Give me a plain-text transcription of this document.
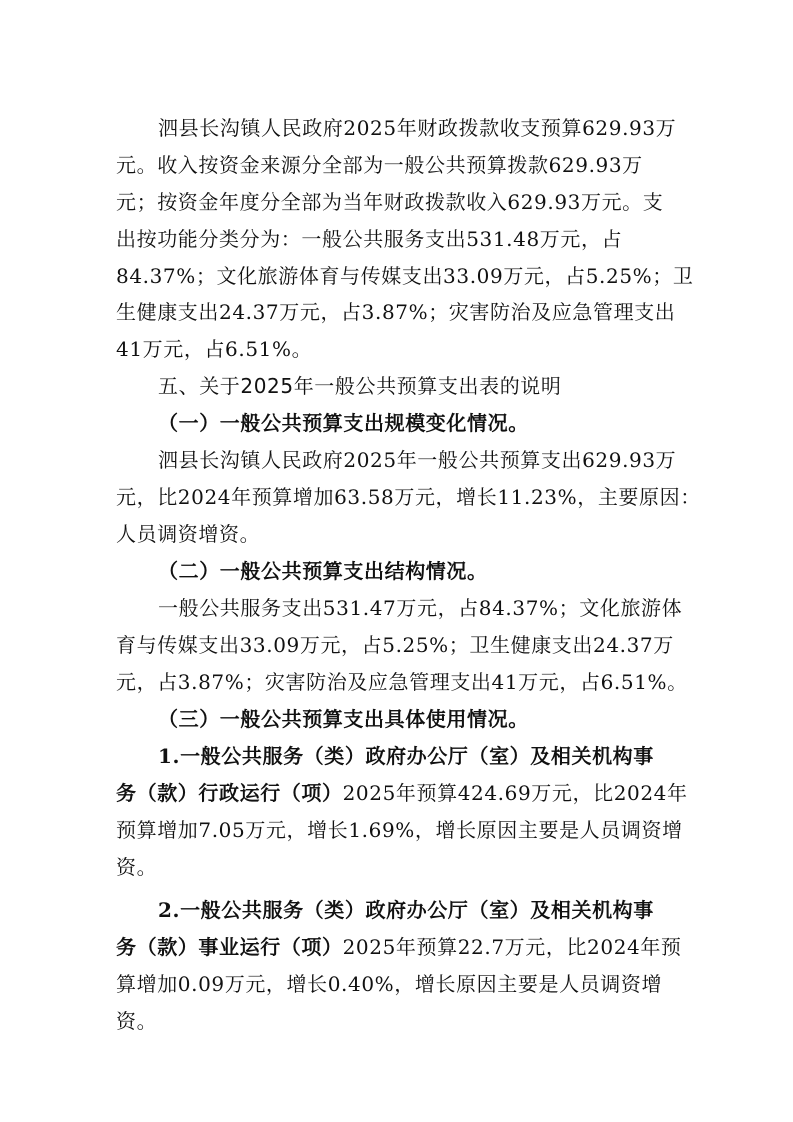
泗县长沟镇人民政府2025年财政拨款收支预算629.93万
元。收入按资金来源分全部为一般公共预算拨款629.93万
元；按资金年度分全部为当年财政拨款收入629.93万元。支
出按功能分类分为：一般公共服务支出531.48万元，占
84.37%；文化旅游体育与传媒支出33.09万元，占5.25%；卫
生健康支出24.37万元，占3.87%；灾害防治及应急管理支出
41万元，占6.51%。
五、关于2025年一般公共预算支出表的说明
（一）一般公共预算支出规模变化情况。
泗县长沟镇人民政府2025年一般公共预算支出629.93万
元，比2024年预算增加63.58万元，增长11.23%，主要原因：
人员调资增资。
（二）一般公共预算支出结构情况。
一般公共服务支出531.47万元，占84.37%；文化旅游体
育与传媒支出33.09万元，占5.25%；卫生健康支出24.37万
元，占3.87%；灾害防治及应急管理支出41万元，占6.51%。
（三）一般公共预算支出具体使用情况。
1.一般公共服务（类）政府办公厅（室）及相关机构事
务（款）行政运行（项）2025年预算424.69万元，比2024年
预算增加7.05万元，增长1.69%，增长原因主要是人员调资增
资。
2.一般公共服务（类）政府办公厅（室）及相关机构事
务（款）事业运行（项）2025年预算22.7万元，比2024年预
算增加0.09万元，增长0.40%，增长原因主要是人员调资增
资。
